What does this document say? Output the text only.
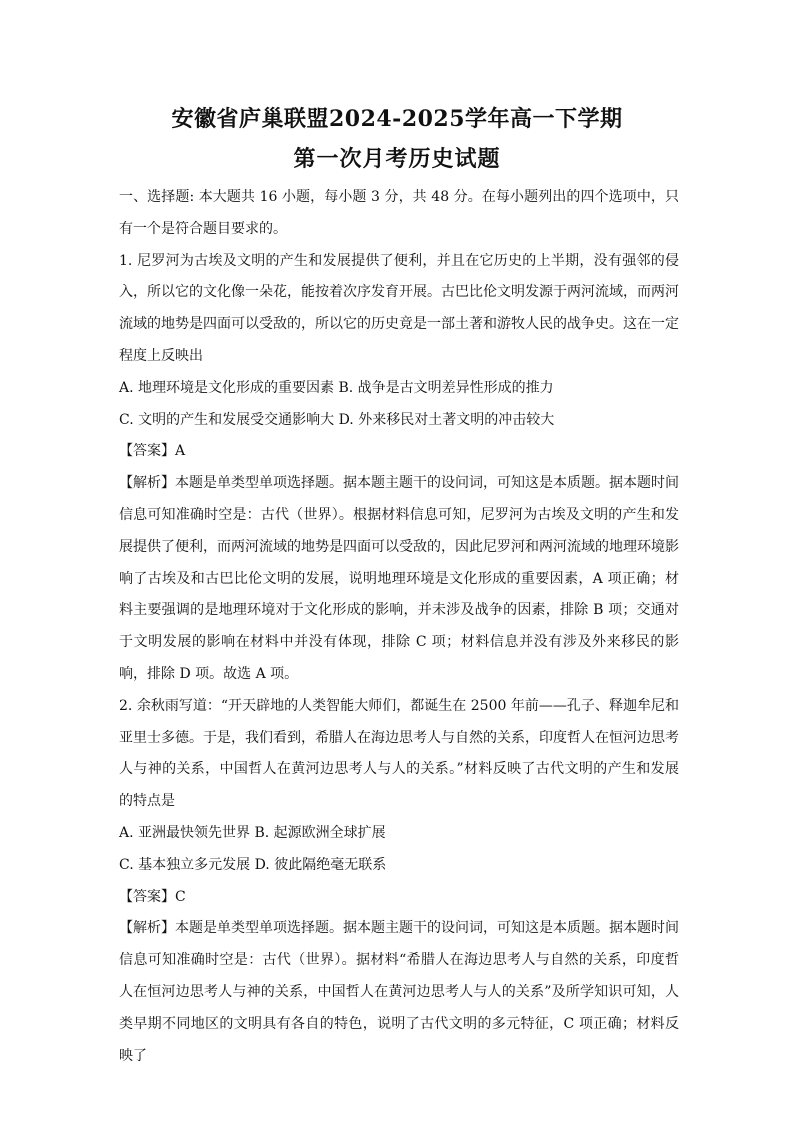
安徽省庐巢联盟2024-2025学年高一下学期
第一次月考历史试题

一、选择题: 本大题共 16 小题，每小题 3 分，共 48 分。在每小题列出的四个选项中，只有一个是符合题目要求的。

1. 尼罗河为古埃及文明的产生和发展提供了便利，并且在它历史的上半期，没有强邻的侵入，所以它的文化像一朵花，能按着次序发育开展。古巴比伦文明发源于两河流域，而两河流域的地势是四面可以受敌的，所以它的历史竟是一部土著和游牧人民的战争史。这在一定程度上反映出

A. 地理环境是文化形成的重要因素 B. 战争是古文明差异性形成的推力

C. 文明的产生和发展受交通影响大 D. 外来移民对土著文明的冲击较大

【答案】A

【解析】本题是单类型单项选择题。据本题主题干的设问词，可知这是本质题。据本题时间信息可知准确时空是：古代（世界）。根据材料信息可知，尼罗河为古埃及文明的产生和发展提供了便利，而两河流域的地势是四面可以受敌的，因此尼罗河和两河流域的地理环境影响了古埃及和古巴比伦文明的发展，说明地理环境是文化形成的重要因素，A 项正确；材料主要强调的是地理环境对于文化形成的影响，并未涉及战争的因素，排除 B 项；交通对于文明发展的影响在材料中并没有体现，排除 C 项；材料信息并没有涉及外来移民的影响，排除 D 项。故选 A 项。

2. 余秋雨写道：“开天辟地的人类智能大师们，都诞生在 2500 年前——孔子、释迦牟尼和亚里士多德。于是，我们看到，希腊人在海边思考人与自然的关系，印度哲人在恒河边思考人与神的关系，中国哲人在黄河边思考人与人的关系。”材料反映了古代文明的产生和发展的特点是

A. 亚洲最快领先世界 B. 起源欧洲全球扩展

C. 基本独立多元发展 D. 彼此隔绝毫无联系

【答案】C

【解析】本题是单类型单项选择题。据本题主题干的设问词，可知这是本质题。据本题时间信息可知准确时空是：古代（世界）。据材料“希腊人在海边思考人与自然的关系，印度哲人在恒河边思考人与神的关系，中国哲人在黄河边思考人与人的关系”及所学知识可知，人类早期不同地区的文明具有各自的特色，说明了古代文明的多元特征，C 项正确；材料反映了
